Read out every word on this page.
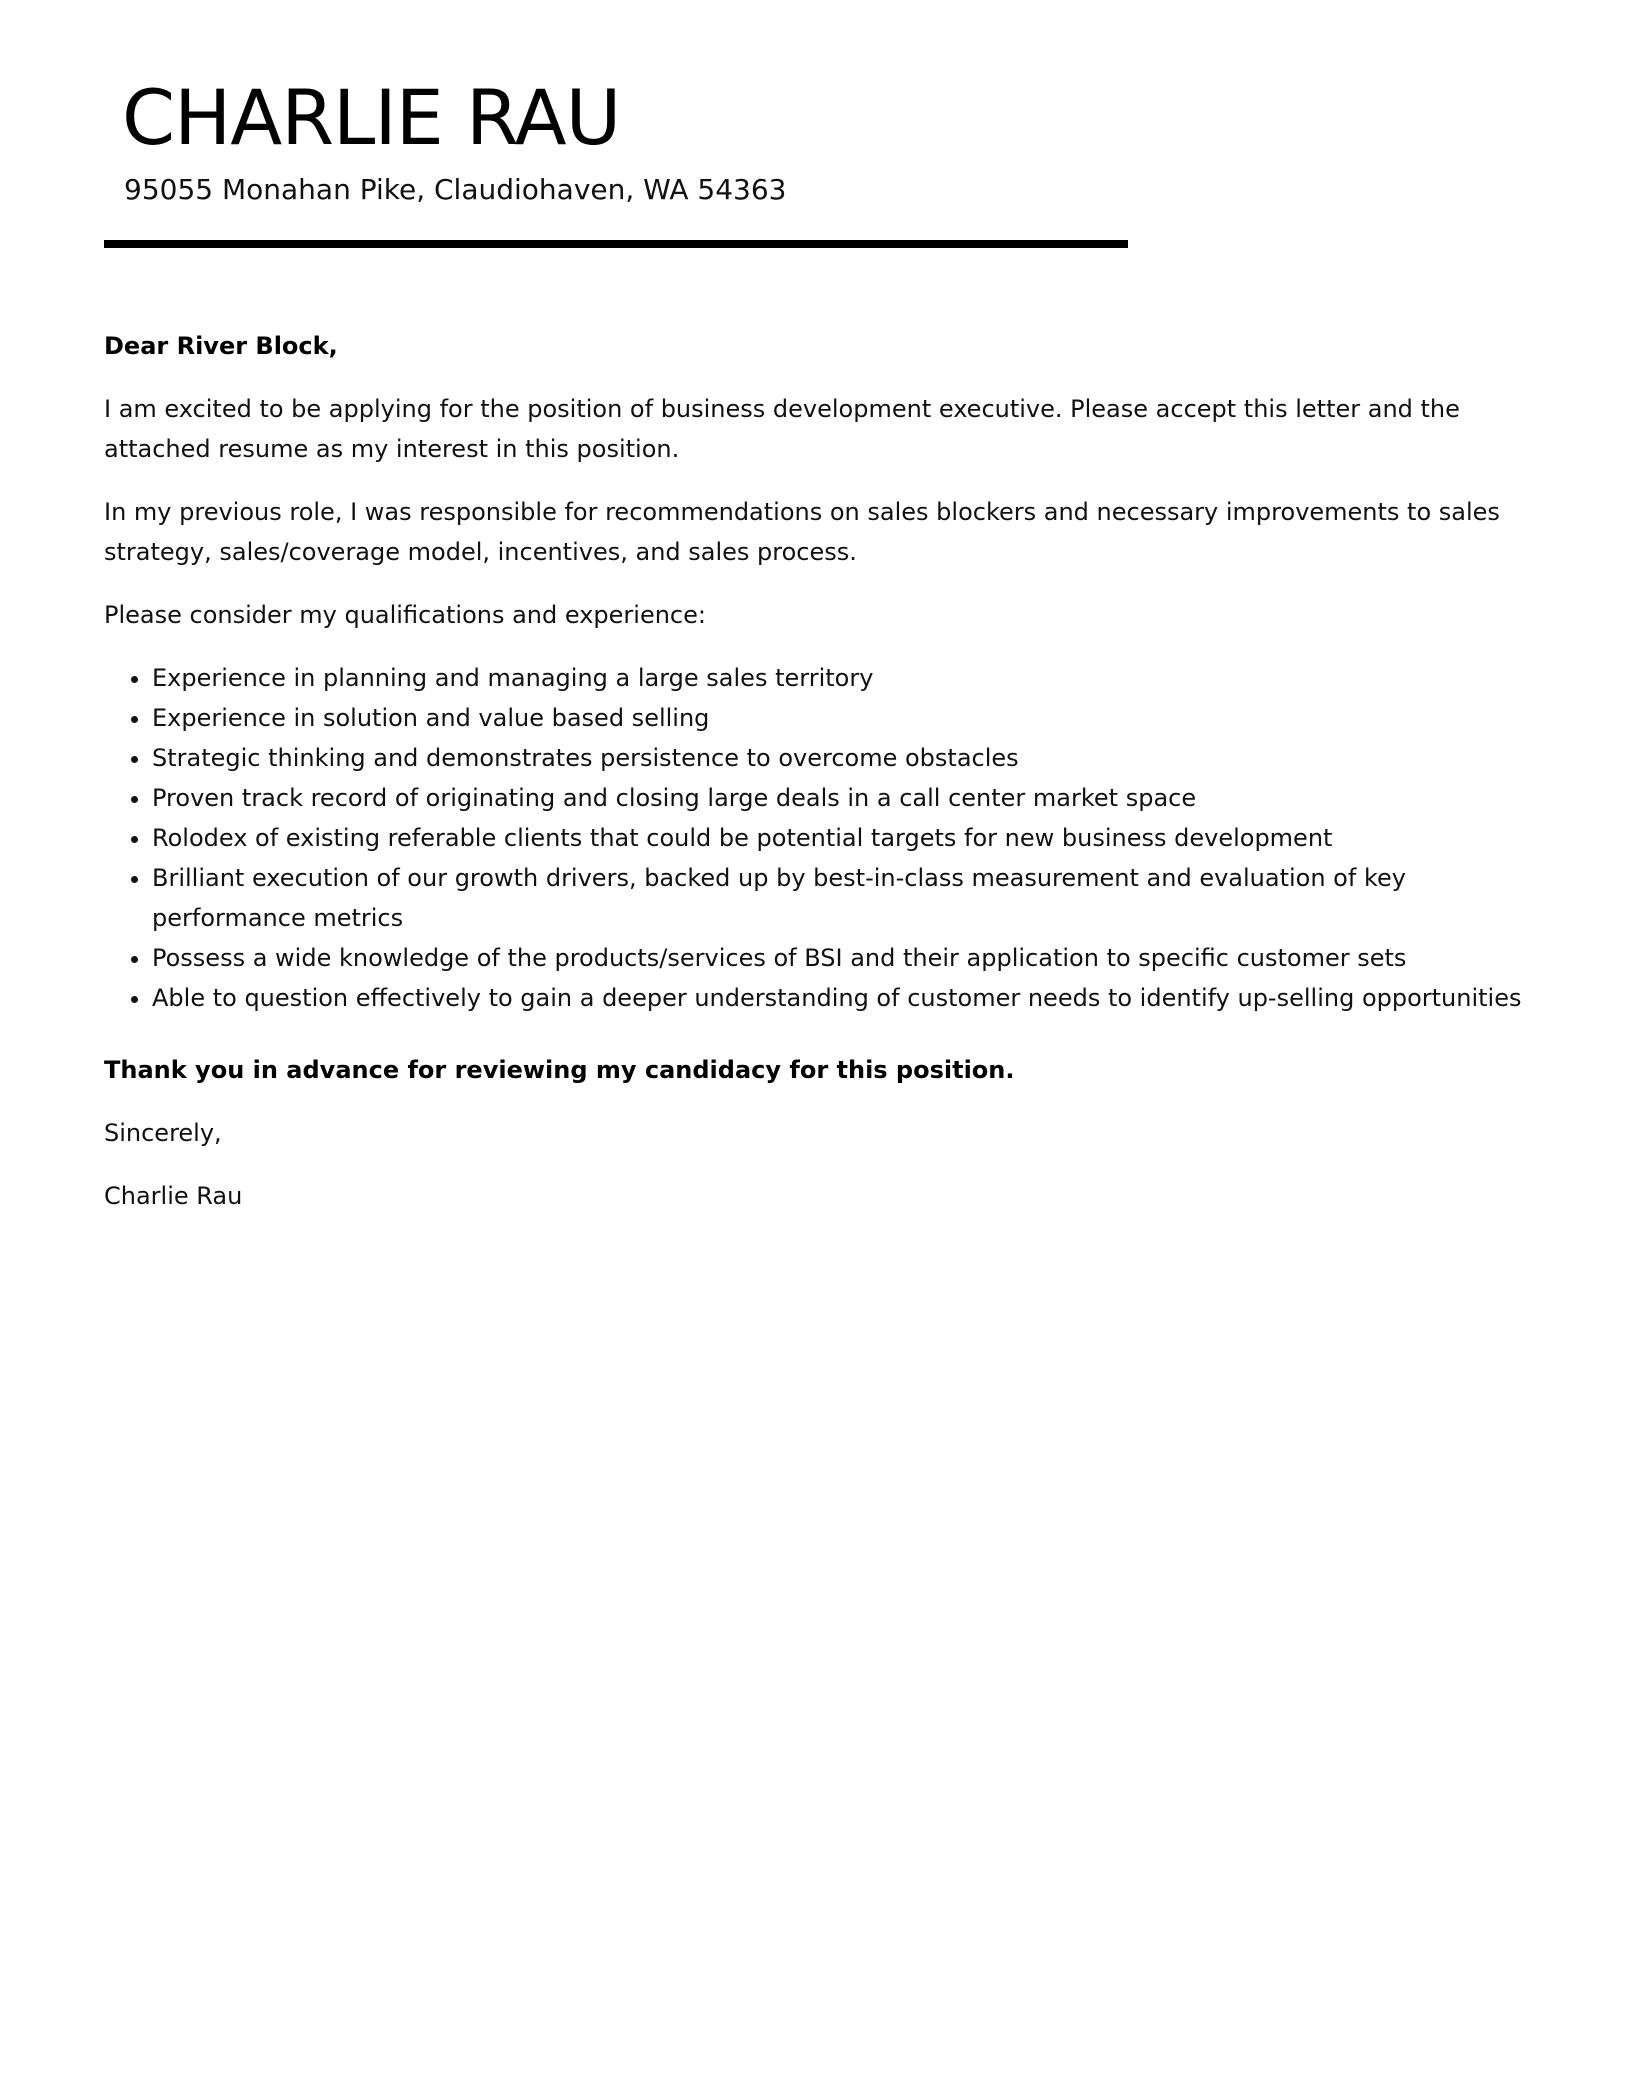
CHARLIE RAU
95055 Monahan Pike, Claudiohaven, WA 54363

Dear River Block,

I am excited to be applying for the position of business development executive. Please accept this letter and the attached resume as my interest in this position.

In my previous role, I was responsible for recommendations on sales blockers and necessary improvements to sales strategy, sales/coverage model, incentives, and sales process.

Please consider my qualifications and experience:

• Experience in planning and managing a large sales territory
• Experience in solution and value based selling
• Strategic thinking and demonstrates persistence to overcome obstacles
• Proven track record of originating and closing large deals in a call center market space
• Rolodex of existing referable clients that could be potential targets for new business development
• Brilliant execution of our growth drivers, backed up by best-in-class measurement and evaluation of key performance metrics
• Possess a wide knowledge of the products/services of BSI and their application to specific customer sets
• Able to question effectively to gain a deeper understanding of customer needs to identify up-selling opportunities

Thank you in advance for reviewing my candidacy for this position.

Sincerely,

Charlie Rau
